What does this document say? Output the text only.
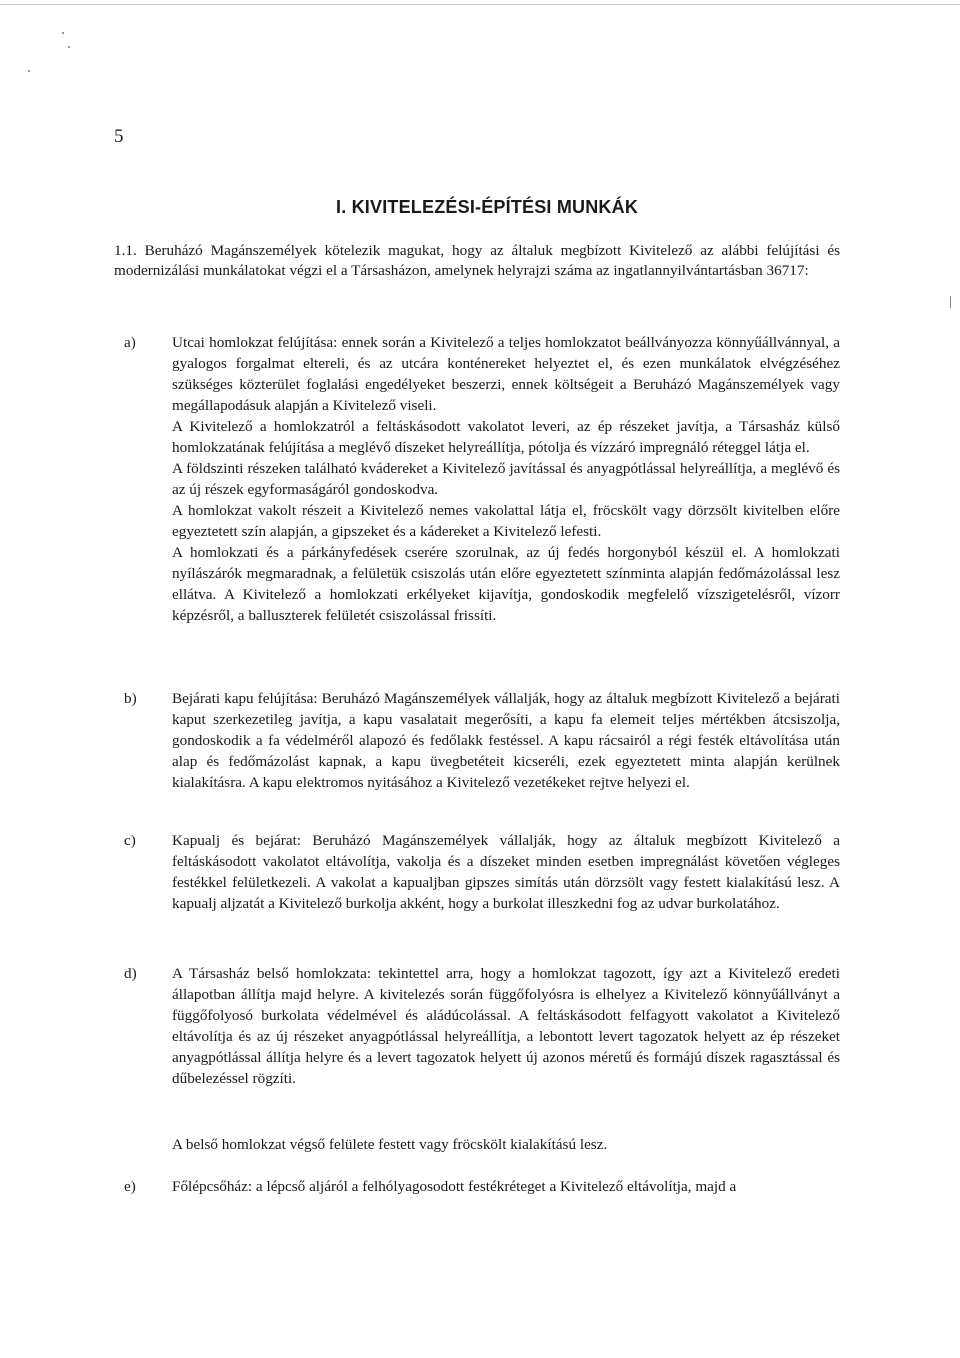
5
I. KIVITELEZÉSI-ÉPÍTÉSI MUNKÁK
1.1. Beruházó Magánszemélyek kötelezik magukat, hogy az általuk megbízott Kivitelező az alábbi felújítási és modernizálási munkálatokat végzi el a Társasházon, amelynek helyrajzi száma az ingatlannyilvántartásban 36717:
a)	Utcai homlokzat felújítása: ennek során a Kivitelező a teljes homlokzatot beállványozza könnyűállvánnyal, a gyalogos forgalmat eltereli, és az utcára konténereket helyeztet el, és ezen munkálatok elvégzéséhez szükséges közterület foglalási engedélyeket beszerzi, ennek költségeit a Beruházó Magánszemélyek vagy megállapodásuk alapján a Kivitelező viseli.

A Kivitelező a homlokzatról a feltáskásodott vakolatot leveri, az ép részeket javítja, a Társasház külső homlokzatának felújítása a meglévő díszeket helyreállítja, pótolja és vízzáró impregnáló réteggel látja el.

A földszinti részeken található kvádereket a Kivitelező javítással és anyagpótlással helyreállítja, a meglévő és az új részek egyformaságáról gondoskodva.

A homlokzat vakolt részeit a Kivitelező nemes vakolattal látja el, fröcskölt vagy dörzsölt kivitelben előre egyeztetett szín alapján, a gipszeket és a kádereket a Kivitelező lefesti.

A homlokzati és a párkányfedések cserére szorulnak, az új fedés horgonyból készül el. A homlokzati nyílászárók megmaradnak, a felületük csiszolás után előre egyeztetett színminta alapján fedőmázolással lesz ellátva. A Kivitelező a homlokzati erkélyeket kijavítja, gondoskodik megfelelő vízszigetelésről, vízorr képzésről, a balluszterek felületét csiszolással frissíti.

b)	Bejárati kapu felújítása: Beruházó Magánszemélyek vállalják, hogy az általuk megbízott Kivitelező a bejárati kaput szerkezetileg javítja, a kapu vasalatait megerősíti, a kapu fa elemeit teljes mértékben átcsiszolja, gondoskodik a fa védelméről alapozó és fedőlakk festéssel. A kapu rácsairól a régi festék eltávolítása után alap és fedőmázolást kapnak, a kapu üvegbetéteit kicseréli, ezek egyeztetett minta alapján kerülnek kialakításra. A kapu elektromos nyitásához a Kivitelező vezetékeket rejtve helyezi el.
c)	Kapualj és bejárat: Beruházó Magánszemélyek vállalják, hogy az általuk megbízott Kivitelező a feltáskásodott vakolatot eltávolítja, vakolja és a díszeket minden esetben impregnálást követően végleges festékkel felületkezeli. A vakolat a kapualjban gipszes simítás után dörzsölt vagy festett kialakítású lesz. A kapualj aljzatát a Kivitelező burkolja akként, hogy a burkolat illeszkedni fog az udvar burkolatához.
d)	A Társasház belső homlokzata: tekintettel arra, hogy a homlokzat tagozott, így azt a Kivitelező eredeti állapotban állítja majd helyre. A kivitelezés során függőfolyósra is elhelyez a Kivitelező könnyűállványt a függőfolyosó burkolata védelmével és aládúcolással. A feltáskásodott felfagyott vakolatot a Kivitelező eltávolítja és az új részeket anyagpótlással helyreállítja, a lebontott levert tagozatok helyett az ép részeket anyagpótlással állítja helyre és a levert tagozatok helyett új azonos méretű és formájú díszek ragasztással és dűbelezéssel rögzíti.
A belső homlokzat végső felülete festett vagy fröcskölt kialakítású lesz.
e)	Főlépcsőház: a lépcső aljáról a felhólyagosodott festékréteget a Kivitelező eltávolítja, majd a
